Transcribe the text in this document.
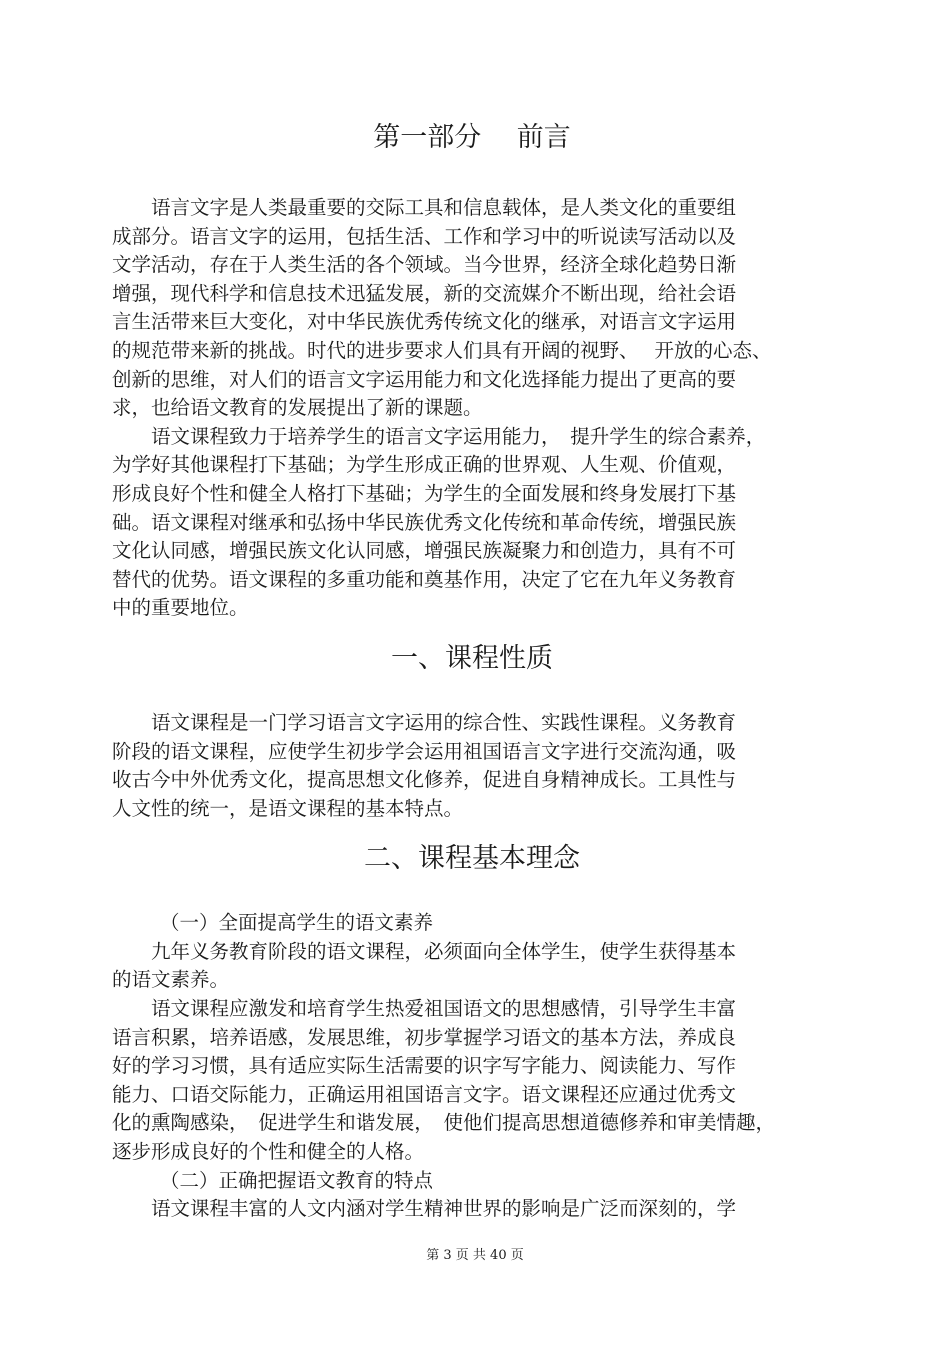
第一部分　 前言

　　语言文字是人类最重要的交际工具和信息载体，是人类文化的重要组
成部分。语言文字的运用，包括生活、工作和学习中的听说读写活动以及
文学活动，存在于人类生活的各个领域。当今世界，经济全球化趋势日渐
增强，现代科学和信息技术迅猛发展，新的交流媒介不断出现，给社会语
言生活带来巨大变化，对中华民族优秀传统文化的继承，对语言文字运用
的规范带来新的挑战。时代的进步要求人们具有开阔的视野、　 开放的心态、
创新的思维，对人们的语言文字运用能力和文化选择能力提出了更高的要
求，也给语文教育的发展提出了新的课题。

　　语文课程致力于培养学生的语言文字运用能力，　提升学生的综合素养，
为学好其他课程打下基础；为学生形成正确的世界观、人生观、价值观，
形成良好个性和健全人格打下基础；为学生的全面发展和终身发展打下基
础。语文课程对继承和弘扬中华民族优秀文化传统和革命传统，增强民族
文化认同感，增强民族文化认同感，增强民族凝聚力和创造力，具有不可
替代的优势。语文课程的多重功能和奠基作用，决定了它在九年义务教育
中的重要地位。

一、课程性质

　　语文课程是一门学习语言文字运用的综合性、实践性课程。义务教育
阶段的语文课程，应使学生初步学会运用祖国语言文字进行交流沟通，吸
收古今中外优秀文化，提高思想文化修养，促进自身精神成长。工具性与
人文性的统一，是语文课程的基本特点。

二、课程基本理念

（一）全面提高学生的语文素养

　　九年义务教育阶段的语文课程，必须面向全体学生，使学生获得基本
的语文素养。

　　语文课程应激发和培育学生热爱祖国语文的思想感情，引导学生丰富
语言积累，培养语感，发展思维，初步掌握学习语文的基本方法，养成良
好的学习习惯，具有适应实际生活需要的识字写字能力、阅读能力、写作
能力、口语交际能力，正确运用祖国语言文字。语文课程还应通过优秀文
化的熏陶感染，　促进学生和谐发展，　使他们提高思想道德修养和审美情趣，
逐步形成良好的个性和健全的人格。

（二）正确把握语文教育的特点

　　语文课程丰富的人文内涵对学生精神世界的影响是广泛而深刻的，学

第 3 页 共 40 页
